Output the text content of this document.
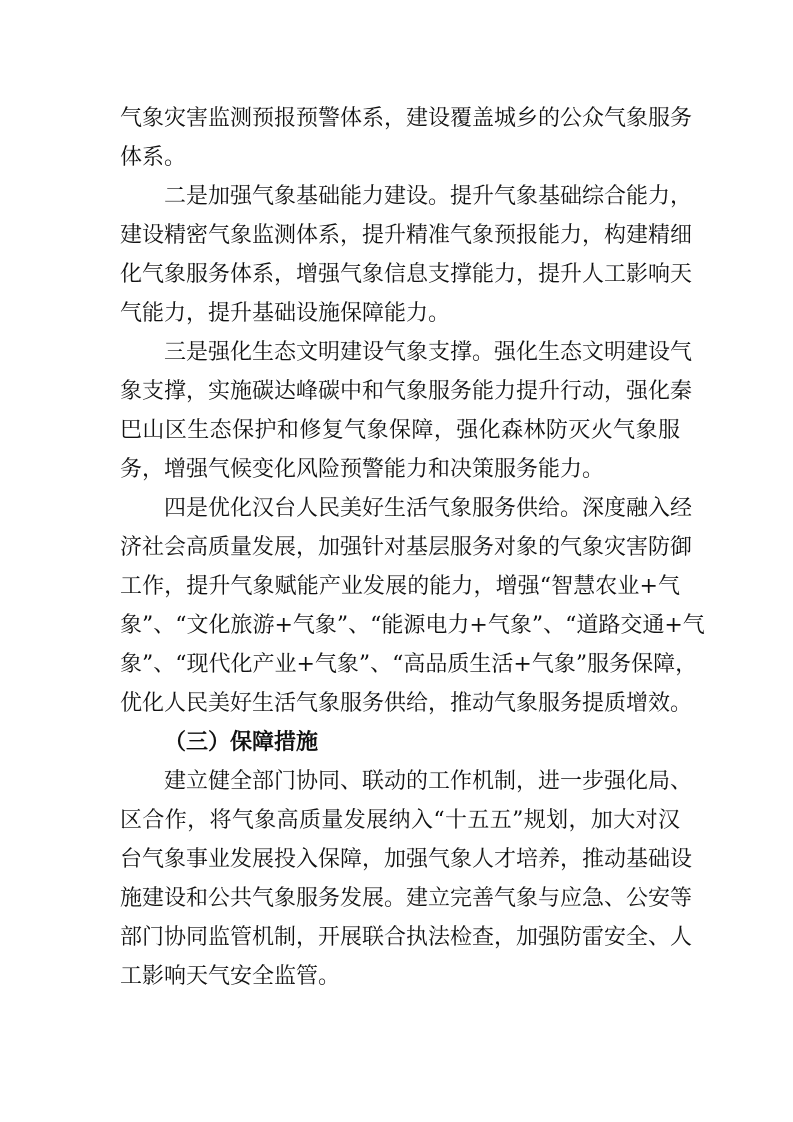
气象灾害监测预报预警体系，建设覆盖城乡的公众气象服务
体系。
二是加强气象基础能力建设。提升气象基础综合能力，
建设精密气象监测体系，提升精准气象预报能力，构建精细
化气象服务体系，增强气象信息支撑能力，提升人工影响天
气能力，提升基础设施保障能力。
三是强化生态文明建设气象支撑。强化生态文明建设气
象支撑，实施碳达峰碳中和气象服务能力提升行动，强化秦
巴山区生态保护和修复气象保障，强化森林防灭火气象服
务，增强气候变化风险预警能力和决策服务能力。
四是优化汉台人民美好生活气象服务供给。深度融入经
济社会高质量发展，加强针对基层服务对象的气象灾害防御
工作，提升气象赋能产业发展的能力，增强“智慧农业+气
象”、“文化旅游+气象”、“能源电力+气象”、“道路交通+气
象”、“现代化产业+气象”、“高品质生活+气象”服务保障，
优化人民美好生活气象服务供给，推动气象服务提质增效。
（三）保障措施
建立健全部门协同、联动的工作机制，进一步强化局、
区合作，将气象高质量发展纳入“十五五”规划，加大对汉
台气象事业发展投入保障，加强气象人才培养，推动基础设
施建设和公共气象服务发展。建立完善气象与应急、公安等
部门协同监管机制，开展联合执法检查，加强防雷安全、人
工影响天气安全监管。
